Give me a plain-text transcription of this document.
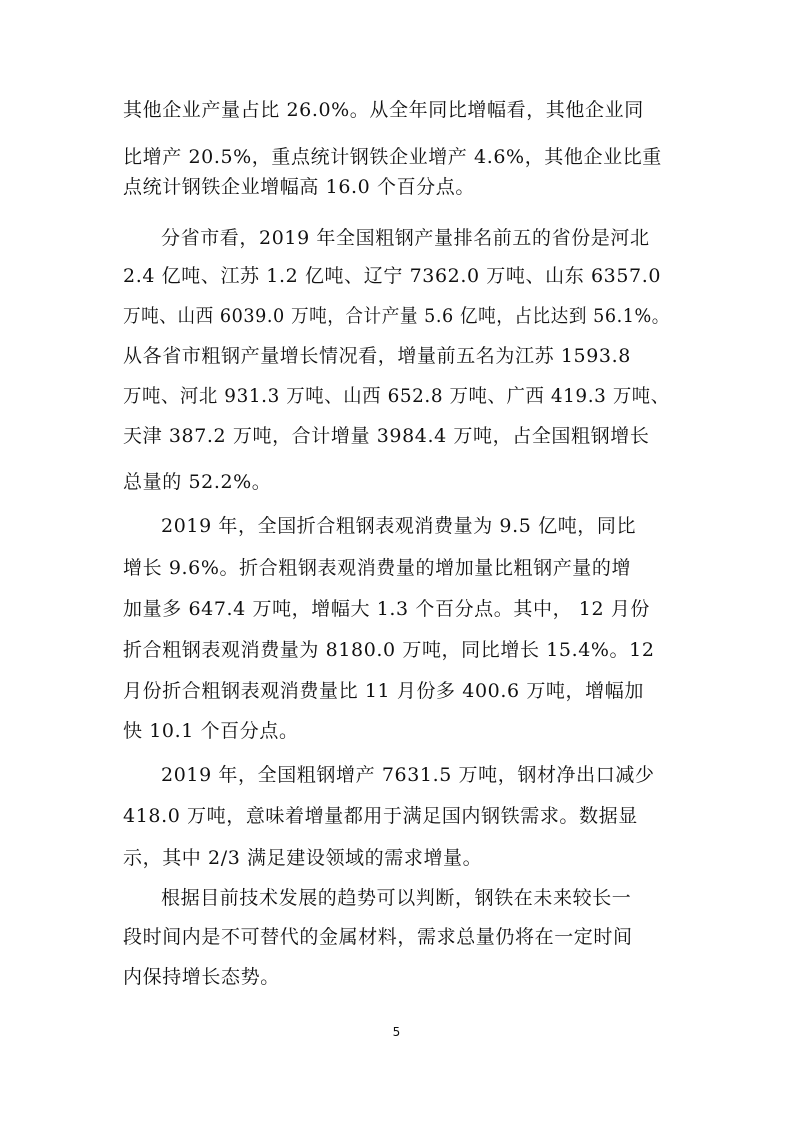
其他企业产量占比 26.0%。从全年同比增幅看，其他企业同
比增产 20.5%，重点统计钢铁企业增产 4.6%，其他企业比重
点统计钢铁企业增幅高 16.0 个百分点。
分省市看，2019 年全国粗钢产量排名前五的省份是河北
2.4 亿吨、江苏 1.2 亿吨、辽宁 7362.0 万吨、山东 6357.0
万吨、山西 6039.0 万吨，合计产量 5.6 亿吨，占比达到 56.1%。
从各省市粗钢产量增长情况看，增量前五名为江苏 1593.8
万吨、河北 931.3 万吨、山西 652.8 万吨、广西 419.3 万吨、
天津 387.2 万吨，合计增量 3984.4 万吨，占全国粗钢增长
总量的 52.2%。
2019 年，全国折合粗钢表观消费量为 9.5 亿吨，同比
增长 9.6%。折合粗钢表观消费量的增加量比粗钢产量的增
加量多 647.4 万吨，增幅大 1.3 个百分点。其中， 12 月份
折合粗钢表观消费量为 8180.0 万吨，同比增长 15.4%。12
月份折合粗钢表观消费量比 11 月份多 400.6 万吨，增幅加
快 10.1 个百分点。
2019 年，全国粗钢增产 7631.5 万吨，钢材净出口减少
418.0 万吨，意味着增量都用于满足国内钢铁需求。数据显
示，其中 2/3 满足建设领域的需求增量。
根据目前技术发展的趋势可以判断，钢铁在未来较长一
段时间内是不可替代的金属材料，需求总量仍将在一定时间
内保持增长态势。
5
